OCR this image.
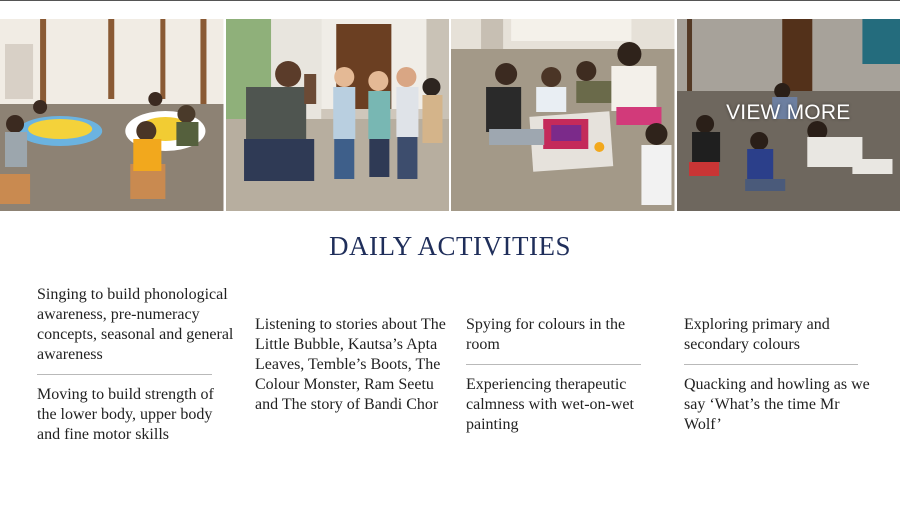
VIEW MORE
DAILY ACTIVITIES

Singing to build phonological awareness, pre-numeracy concepts, seasonal and general awareness

Moving to build strength of the lower body, upper body and fine motor skills

Listening to stories about The Little Bubble, Kautsa’s Apta Leaves, Temble’s Boots, The Colour Monster, Ram Seetu and The story of Bandi Chor

Spying for colours in the room

Experiencing therapeutic calmness with wet-on-wet painting

Exploring primary and secondary colours

Quacking and howling as we say ‘What’s the time Mr Wolf’
